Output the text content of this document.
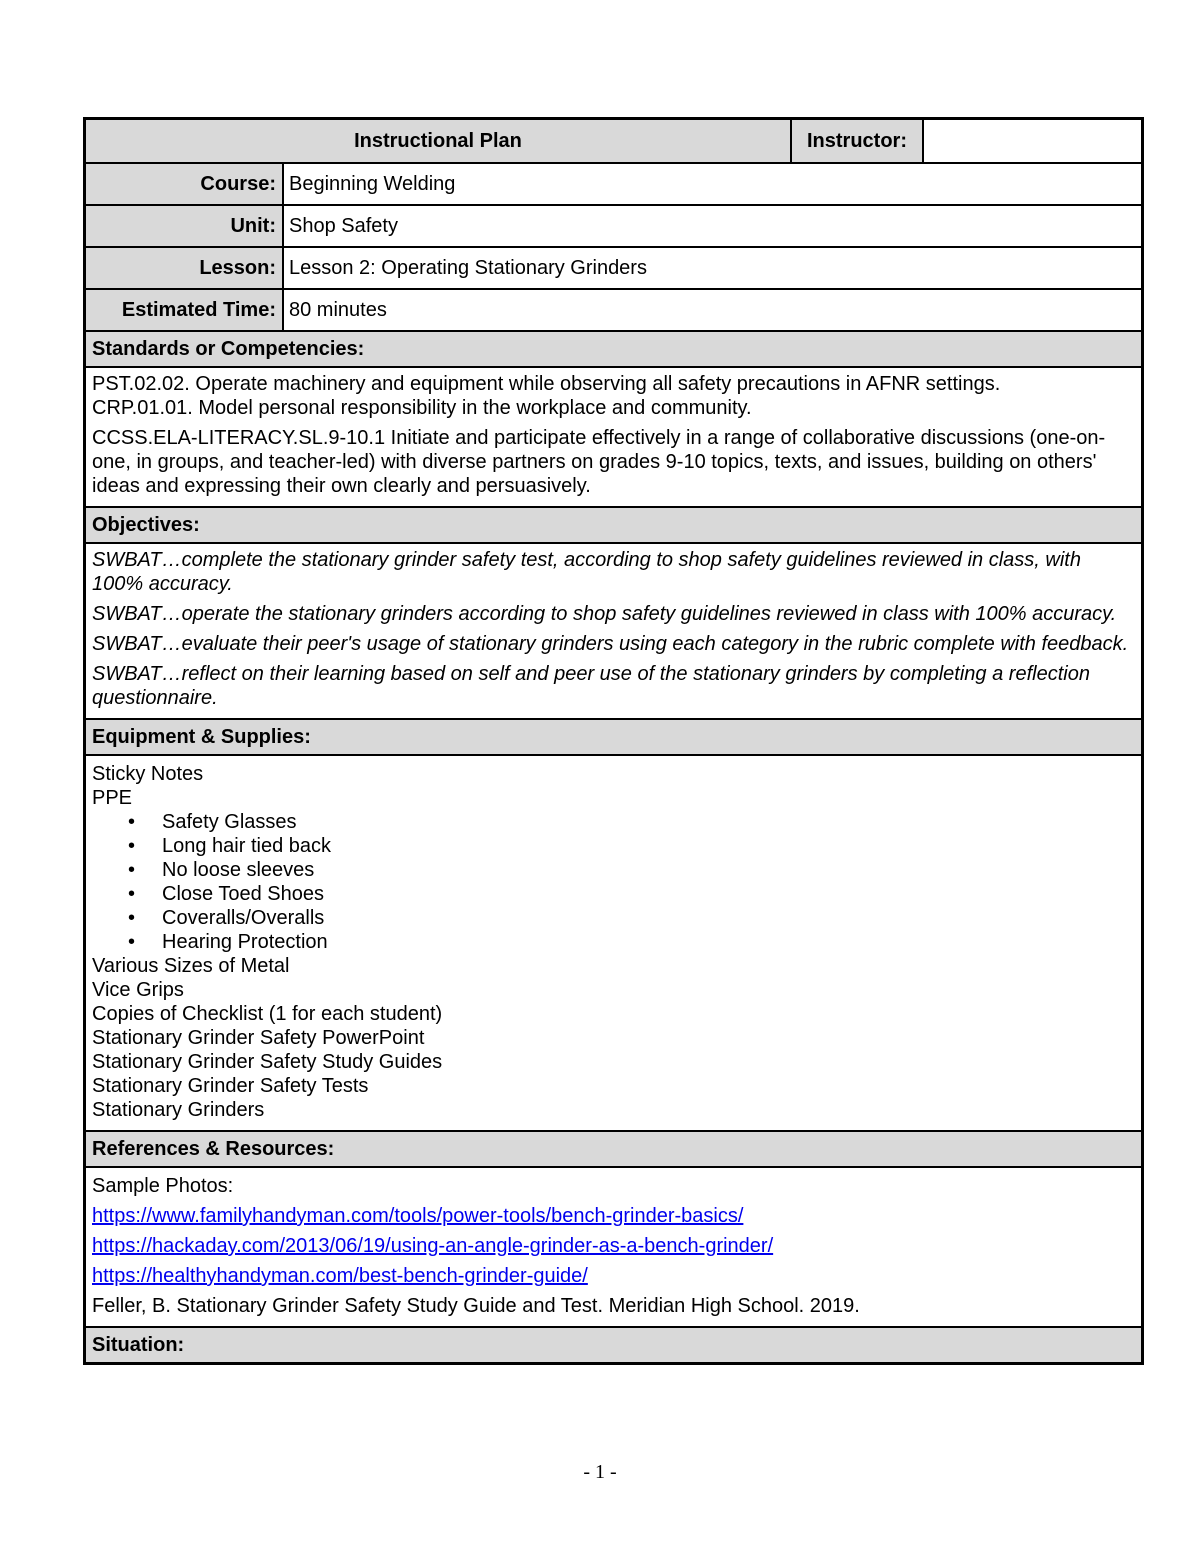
Instructional Plan	Instructor:
Course: Beginning Welding
Unit: Shop Safety
Lesson: Lesson 2: Operating Stationary Grinders
Estimated Time: 80 minutes
Standards or Competencies:
PST.02.02. Operate machinery and equipment while observing all safety precautions in AFNR settings.
CRP.01.01. Model personal responsibility in the workplace and community.
CCSS.ELA-LITERACY.SL.9-10.1 Initiate and participate effectively in a range of collaborative discussions (one-on-one, in groups, and teacher-led) with diverse partners on grades 9-10 topics, texts, and issues, building on others' ideas and expressing their own clearly and persuasively.
Objectives:
SWBAT…complete the stationary grinder safety test, according to shop safety guidelines reviewed in class, with 100% accuracy.
SWBAT…operate the stationary grinders according to shop safety guidelines reviewed in class with 100% accuracy.
SWBAT…evaluate their peer's usage of stationary grinders using each category in the rubric complete with feedback.
SWBAT…reflect on their learning based on self and peer use of the stationary grinders by completing a reflection questionnaire.
Equipment & Supplies:
Sticky Notes
PPE
• Safety Glasses
• Long hair tied back
• No loose sleeves
• Close Toed Shoes
• Coveralls/Overalls
• Hearing Protection
Various Sizes of Metal
Vice Grips
Copies of Checklist (1 for each student)
Stationary Grinder Safety PowerPoint
Stationary Grinder Safety Study Guides
Stationary Grinder Safety Tests
Stationary Grinders
References & Resources:
Sample Photos:
https://www.familyhandyman.com/tools/power-tools/bench-grinder-basics/
https://hackaday.com/2013/06/19/using-an-angle-grinder-as-a-bench-grinder/
https://healthyhandyman.com/best-bench-grinder-guide/
Feller, B. Stationary Grinder Safety Study Guide and Test. Meridian High School. 2019.
Situation:
- 1 -
